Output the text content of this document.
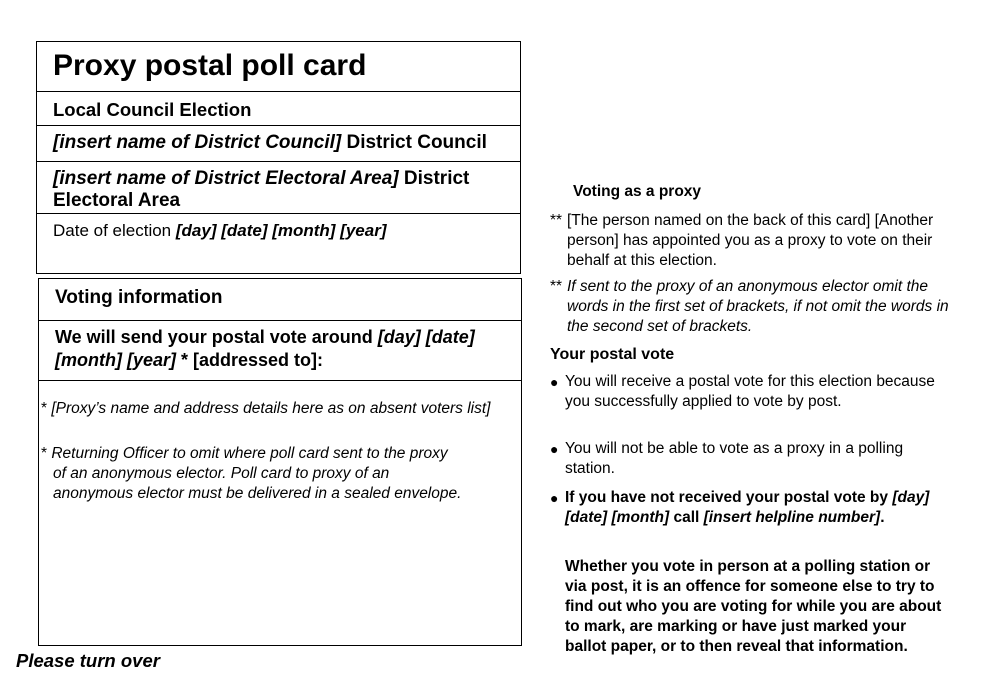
Proxy postal poll card
Local Council Election
[insert name of District Council] District Council
[insert name of District Electoral Area] District Electoral Area
Date of election [day] [date] [month] [year]
Voting information
We will send your postal vote around [day] [date] [month] [year] * [addressed to]:
* [Proxy’s name and address details here as on absent voters list]
* Returning Officer to omit where poll card sent to the proxy
of an anonymous elector. Poll card to proxy of an
anonymous elector must be delivered in a sealed envelope.
Please turn over
Voting as a proxy
** [The person named on the back of this card] [Another person] has appointed you as a proxy to vote on their behalf at this election.
** If sent to the proxy of an anonymous elector omit the words in the first set of brackets, if not omit the words in the second set of brackets.
Your postal vote
● You will receive a postal vote for this election because you successfully applied to vote by post.
● You will not be able to vote as a proxy in a polling station.
● If you have not received your postal vote by [day] [date] [month] call [insert helpline number].
Whether you vote in person at a polling station or via post, it is an offence for someone else to try to find out who you are voting for while you are about to mark, are marking or have just marked your ballot paper, or to then reveal that information.
